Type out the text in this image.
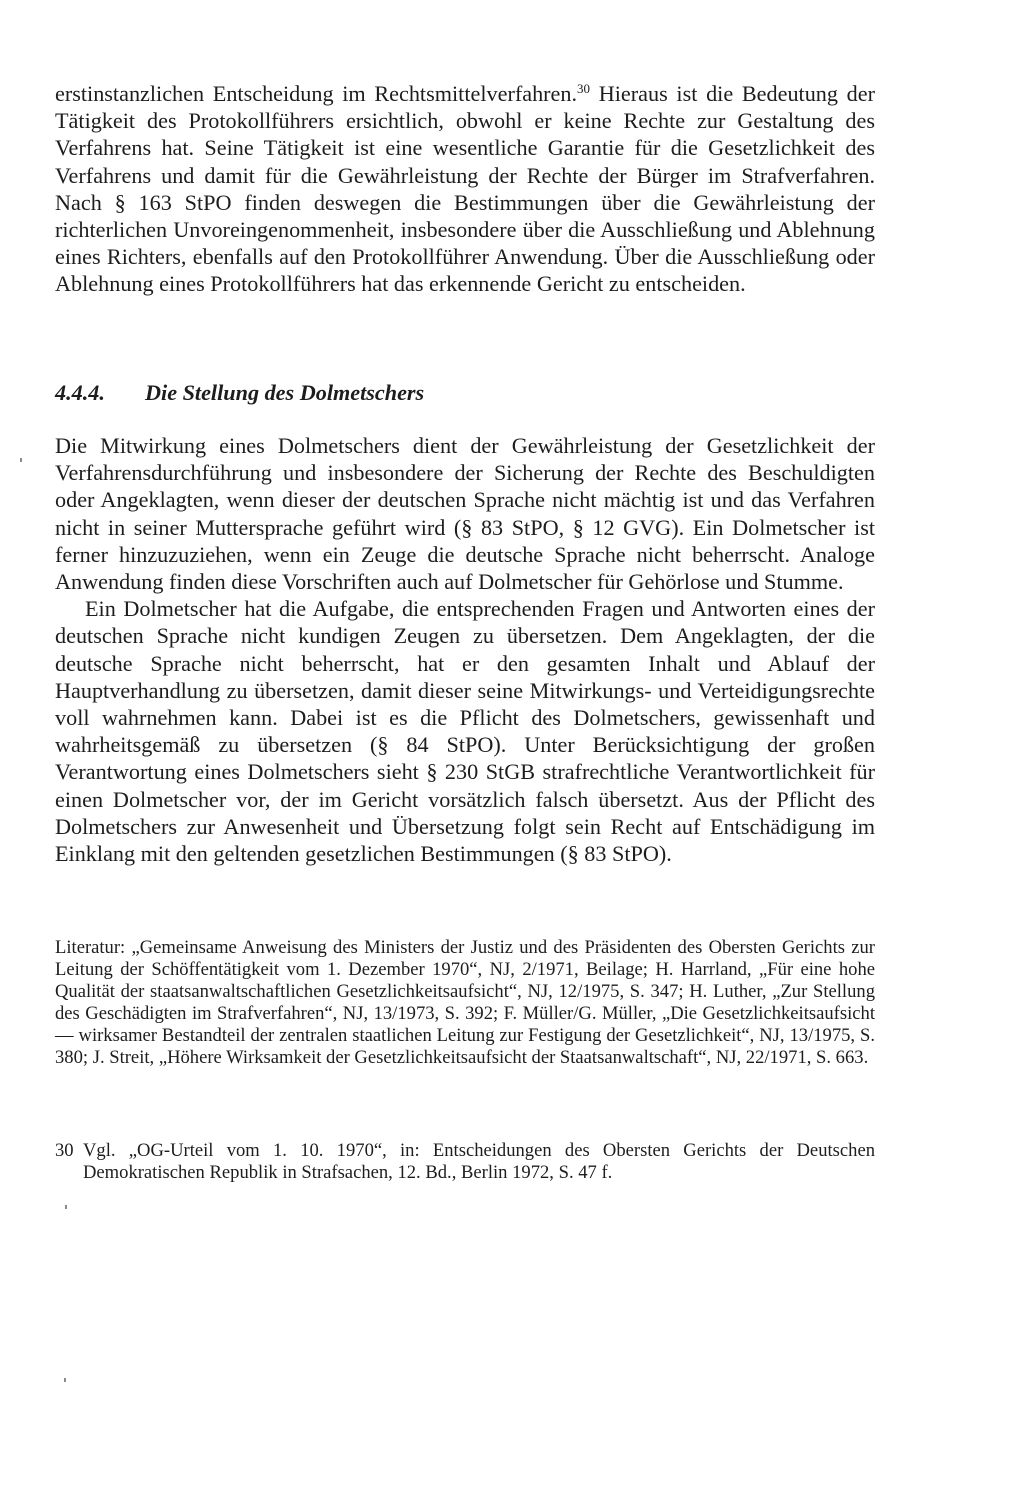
erstinstanzlichen Entscheidung im Rechtsmittelverfahren.$^{30}$ Hieraus ist die Bedeutung der Tätigkeit des Protokollführers ersichtlich, obwohl er keine Rechte zur Gestaltung des Verfahrens hat. Seine Tätigkeit ist eine wesentliche Garantie für die Gesetzlichkeit des Verfahrens und damit für die Gewährleistung der Rechte der Bürger im Strafverfahren. Nach § 163 StPO finden deswegen die Bestimmungen über die Gewährleistung der richterlichen Unvoreingenommenheit, insbesondere über die Ausschließung und Ablehnung eines Richters, ebenfalls auf den Protokollführer Anwendung. Über die Ausschließung oder Ablehnung eines Protokollführers hat das erkennende Gericht zu entscheiden.

4.4.4. Die Stellung des Dolmetschers

Die Mitwirkung eines Dolmetschers dient der Gewährleistung der Gesetzlichkeit der Verfahrensdurchführung und insbesondere der Sicherung der Rechte des Beschuldigten oder Angeklagten, wenn dieser der deutschen Sprache nicht mächtig ist und das Verfahren nicht in seiner Muttersprache geführt wird (§ 83 StPO, § 12 GVG). Ein Dolmetscher ist ferner hinzuzuziehen, wenn ein Zeuge die deutsche Sprache nicht beherrscht. Analoge Anwendung finden diese Vorschriften auch auf Dolmetscher für Gehörlose und Stumme.

Ein Dolmetscher hat die Aufgabe, die entsprechenden Fragen und Antworten eines der deutschen Sprache nicht kundigen Zeugen zu übersetzen. Dem Angeklagten, der die deutsche Sprache nicht beherrscht, hat er den gesamten Inhalt und Ablauf der Hauptverhandlung zu übersetzen, damit dieser seine Mitwirkungs- und Verteidigungsrechte voll wahrnehmen kann. Dabei ist es die Pflicht des Dolmetschers, gewissenhaft und wahrheitsgemäß zu übersetzen (§ 84 StPO). Unter Berücksichtigung der großen Verantwortung eines Dolmetschers sieht § 230 StGB strafrechtliche Verantwortlichkeit für einen Dolmetscher vor, der im Gericht vorsätzlich falsch übersetzt. Aus der Pflicht des Dolmetschers zur Anwesenheit und Übersetzung folgt sein Recht auf Entschädigung im Einklang mit den geltenden gesetzlichen Bestimmungen (§ 83 StPO).

Literatur: „Gemeinsame Anweisung des Ministers der Justiz und des Präsidenten des Obersten Gerichts zur Leitung der Schöffentätigkeit vom 1. Dezember 1970“, NJ, 2/1971, Beilage; H. Harrland, „Für eine hohe Qualität der staatsanwaltschaftlichen Gesetzlichkeitsaufsicht“, NJ, 12/1975, S. 347; H. Luther, „Zur Stellung des Geschädigten im Strafverfahren“, NJ, 13/1973, S. 392; F. Müller/G. Müller, „Die Gesetzlichkeitsaufsicht — wirksamer Bestandteil der zentralen staatlichen Leitung zur Festigung der Gesetzlichkeit“, NJ, 13/1975, S. 380; J. Streit, „Höhere Wirksamkeit der Gesetzlichkeitsaufsicht der Staatsanwaltschaft“, NJ, 22/1971, S. 663.

30 Vgl. „OG-Urteil vom 1. 10. 1970“, in: Entscheidungen des Obersten Gerichts der Deutschen Demokratischen Republik in Strafsachen, 12. Bd., Berlin 1972, S. 47 f.
